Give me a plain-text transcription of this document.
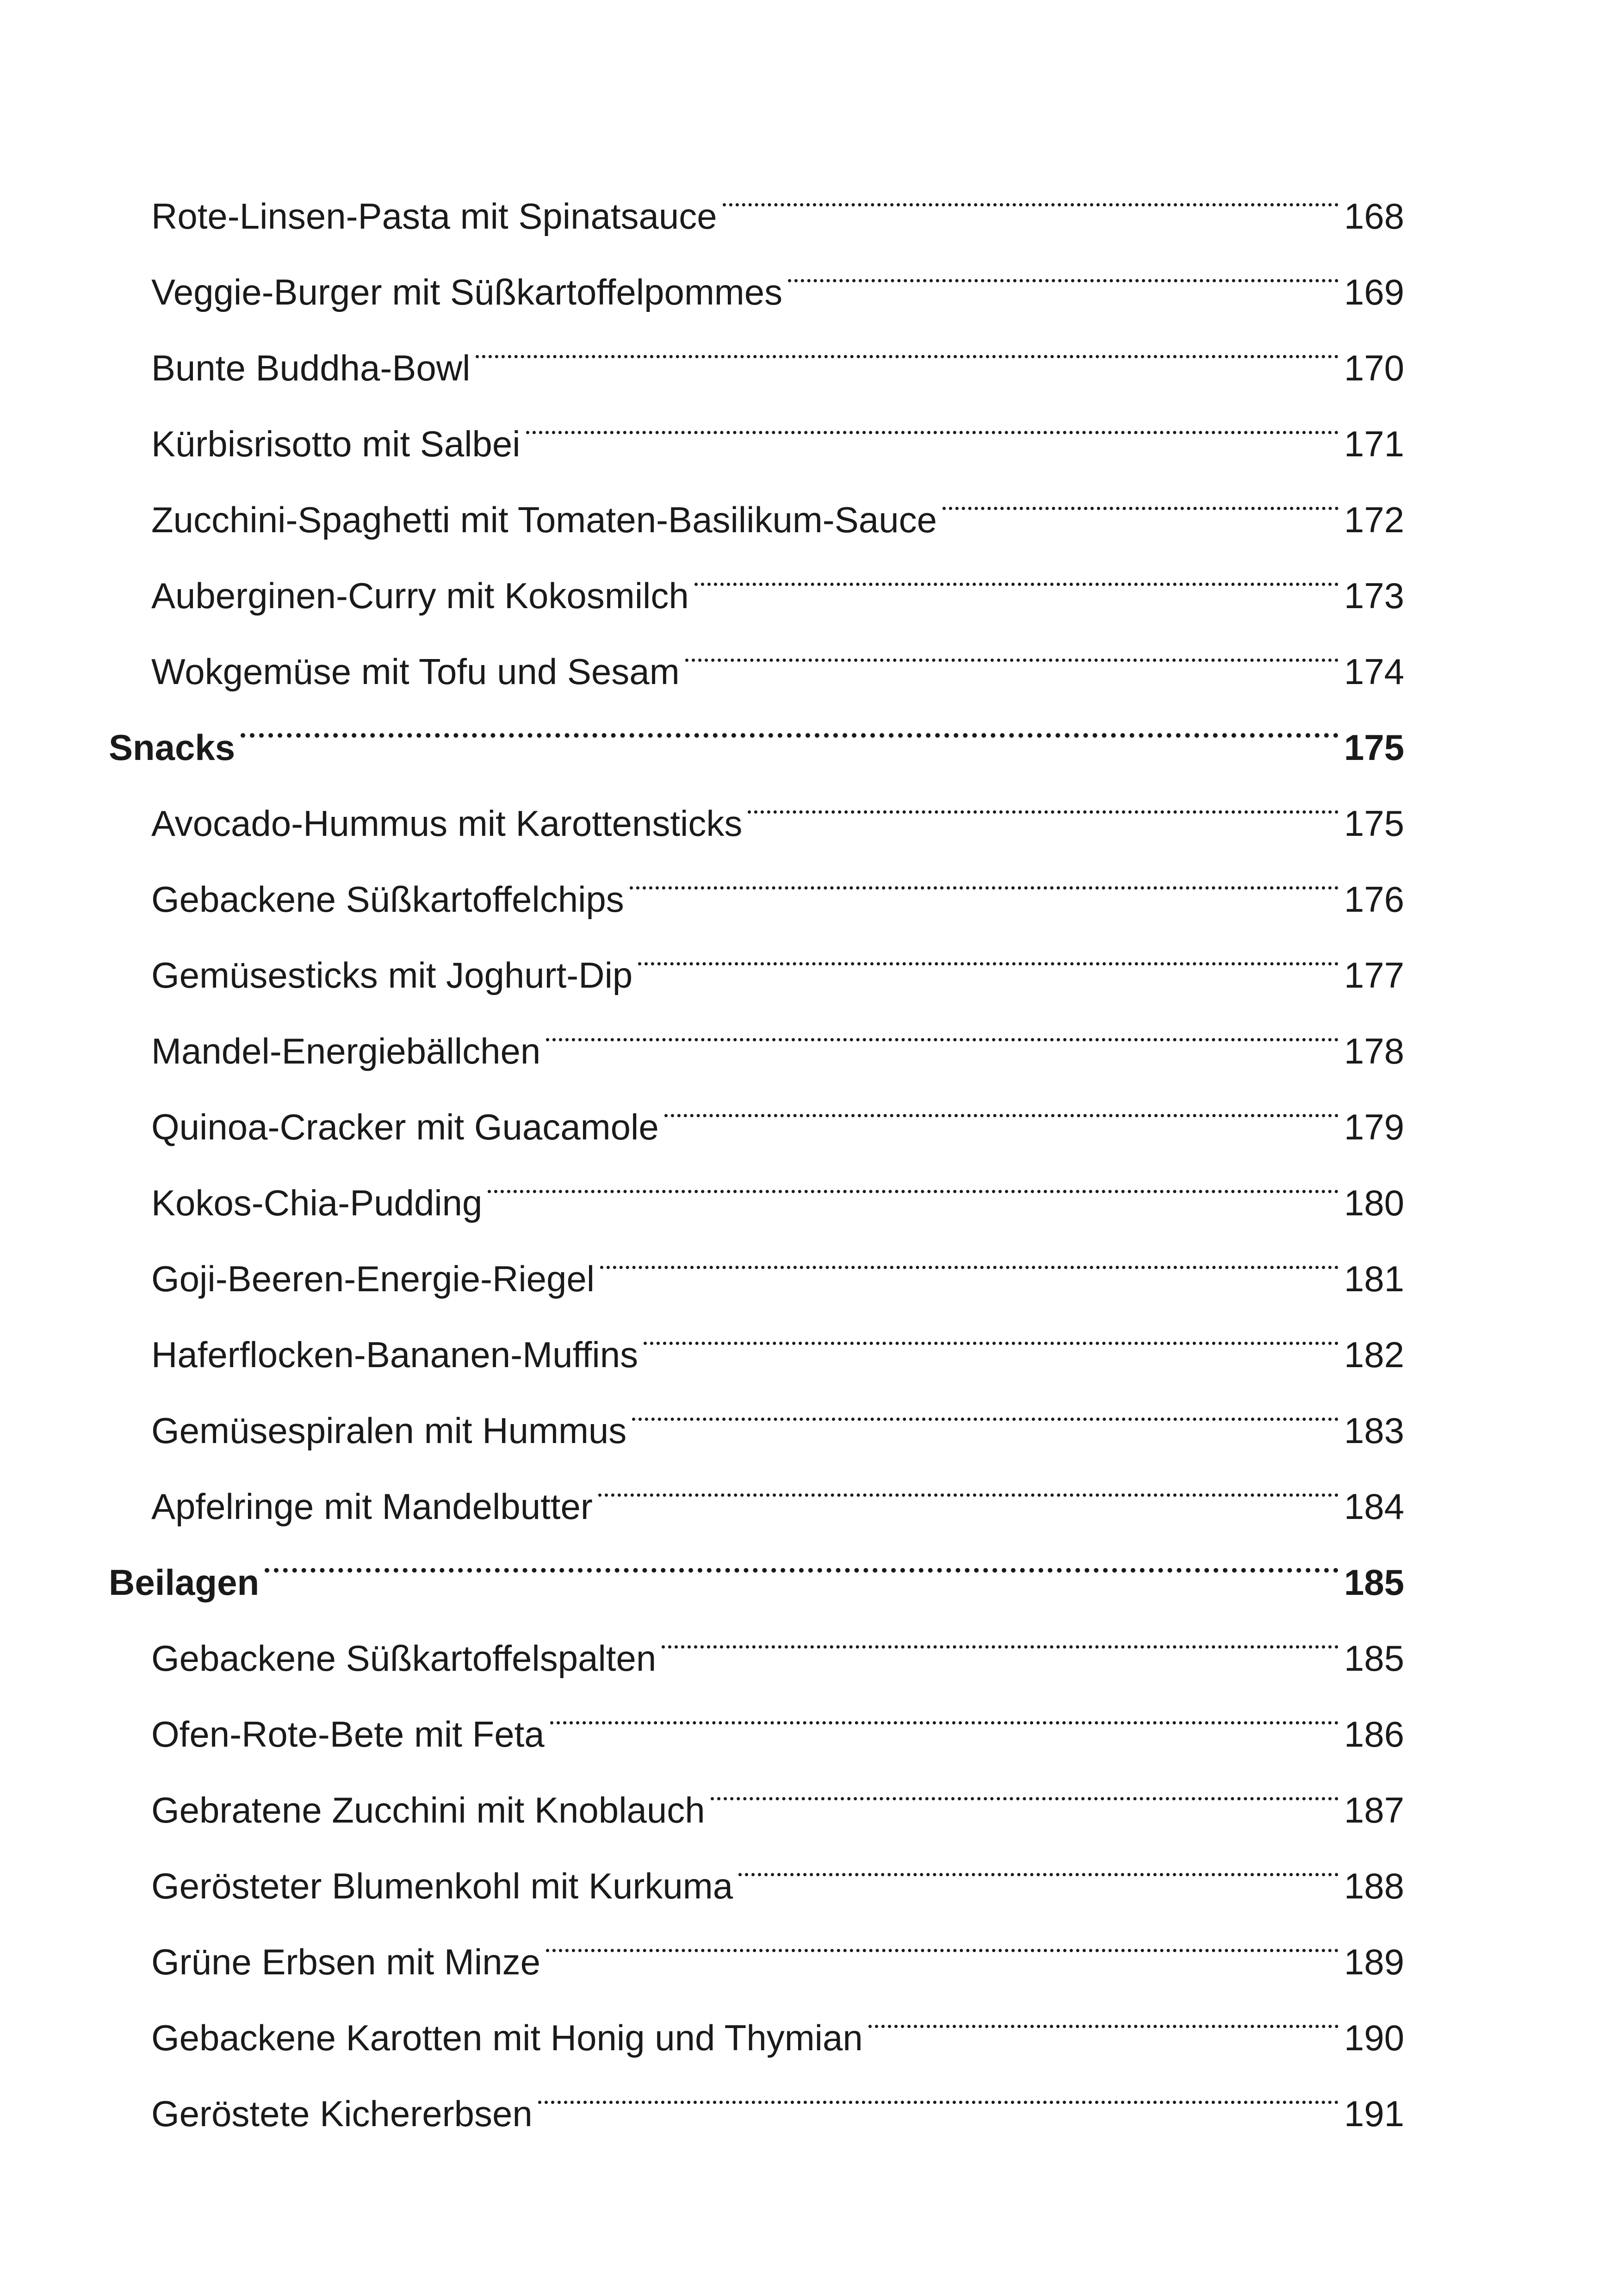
Rote-Linsen-Pasta mit Spinatsauce	168
Veggie-Burger mit Süßkartoffelpommes	169
Bunte Buddha-Bowl	170
Kürbisrisotto mit Salbei	171
Zucchini-Spaghetti mit Tomaten-Basilikum-Sauce	172
Auberginen-Curry mit Kokosmilch	173
Wokgemüse mit Tofu und Sesam	174
Snacks	175
Avocado-Hummus mit Karottensticks	175
Gebackene Süßkartoffelchips	176
Gemüsesticks mit Joghurt-Dip	177
Mandel-Energiebällchen	178
Quinoa-Cracker mit Guacamole	179
Kokos-Chia-Pudding	180
Goji-Beeren-Energie-Riegel	181
Haferflocken-Bananen-Muffins	182
Gemüsespiralen mit Hummus	183
Apfelringe mit Mandelbutter	184
Beilagen	185
Gebackene Süßkartoffelspalten	185
Ofen-Rote-Bete mit Feta	186
Gebratene Zucchini mit Knoblauch	187
Gerösteter Blumenkohl mit Kurkuma	188
Grüne Erbsen mit Minze	189
Gebackene Karotten mit Honig und Thymian	190
Geröstete Kichererbsen	191
